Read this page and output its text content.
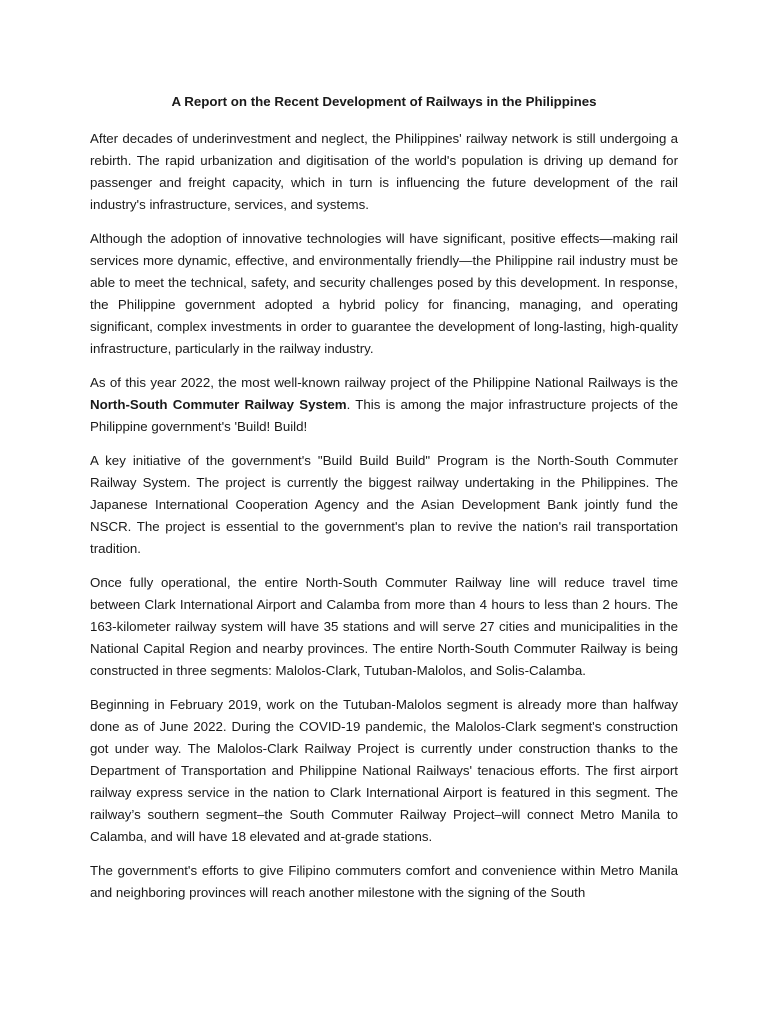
A Report on the Recent Development of Railways in the Philippines

After decades of underinvestment and neglect, the Philippines' railway network is still undergoing a rebirth. The rapid urbanization and digitisation of the world's population is driving up demand for passenger and freight capacity, which in turn is influencing the future development of the rail industry's infrastructure, services, and systems.

Although the adoption of innovative technologies will have significant, positive effects—making rail services more dynamic, effective, and environmentally friendly—the Philippine rail industry must be able to meet the technical, safety, and security challenges posed by this development. In response, the Philippine government adopted a hybrid policy for financing, managing, and operating significant, complex investments in order to guarantee the development of long-lasting, high-quality infrastructure, particularly in the railway industry.

As of this year 2022, the most well-known railway project of the Philippine National Railways is the North-South Commuter Railway System. This is among the major infrastructure projects of the Philippine government's 'Build! Build!

A key initiative of the government's "Build Build Build" Program is the North-South Commuter Railway System. The project is currently the biggest railway undertaking in the Philippines. The Japanese International Cooperation Agency and the Asian Development Bank jointly fund the NSCR. The project is essential to the government's plan to revive the nation's rail transportation tradition.

Once fully operational, the entire North-South Commuter Railway line will reduce travel time between Clark International Airport and Calamba from more than 4 hours to less than 2 hours. The 163-kilometer railway system will have 35 stations and will serve 27 cities and municipalities in the National Capital Region and nearby provinces. The entire North-South Commuter Railway is being constructed in three segments: Malolos-Clark, Tutuban-Malolos, and Solis-Calamba.

Beginning in February 2019, work on the Tutuban-Malolos segment is already more than halfway done as of June 2022. During the COVID-19 pandemic, the Malolos-Clark segment's construction got under way. The Malolos-Clark Railway Project is currently under construction thanks to the Department of Transportation and Philippine National Railways' tenacious efforts. The first airport railway express service in the nation to Clark International Airport is featured in this segment. The railway’s southern segment–the South Commuter Railway Project–will connect Metro Manila to Calamba, and will have 18 elevated and at-grade stations.

The government's efforts to give Filipino commuters comfort and convenience within Metro Manila and neighboring provinces will reach another milestone with the signing of the South
